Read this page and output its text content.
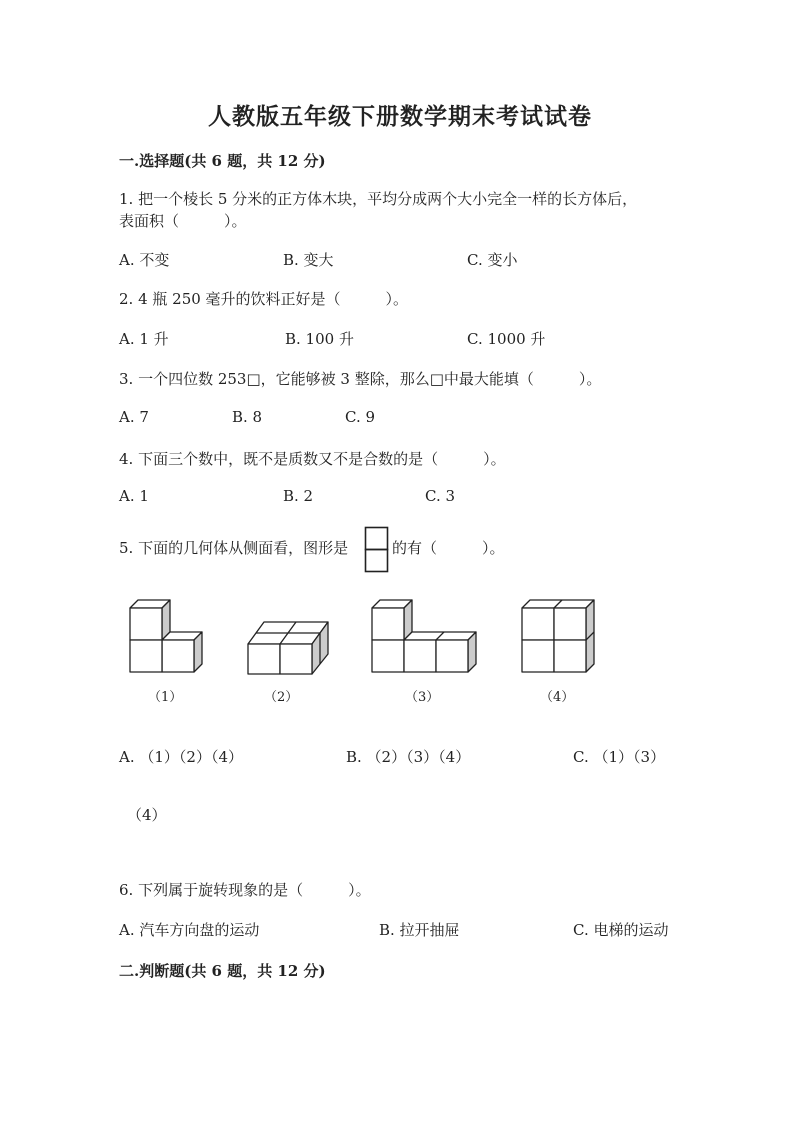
人教版五年级下册数学期末考试试卷
一.选择题(共 6 题，共 12 分)
1. 把一个棱长 5 分米的正方体木块，平均分成两个大小完全一样的长方体后，
表面积（　　　）。
A. 不变	B. 变大	C. 变小
2. 4 瓶 250 毫升的饮料正好是（　　　）。
A. 1 升	B. 100 升	C. 1000 升
3. 一个四位数 253□，它能够被 3 整除，那么□中最大能填（　　　）。
A. 7	B. 8	C. 9
4. 下面三个数中，既不是质数又不是合数的是（　　　）。
A. 1	B. 2	C. 3
5. 下面的几何体从侧面看，图形是	的有（　　　）。
（1）	（2）	（3）	（4）
A. （1）（2）（4）	B. （2）（3）（4）	C. （1）（3）
（4）
6. 下列属于旋转现象的是（　　　）。
A. 汽车方向盘的运动	B. 拉开抽屉	C. 电梯的运动
二.判断题(共 6 题，共 12 分)
